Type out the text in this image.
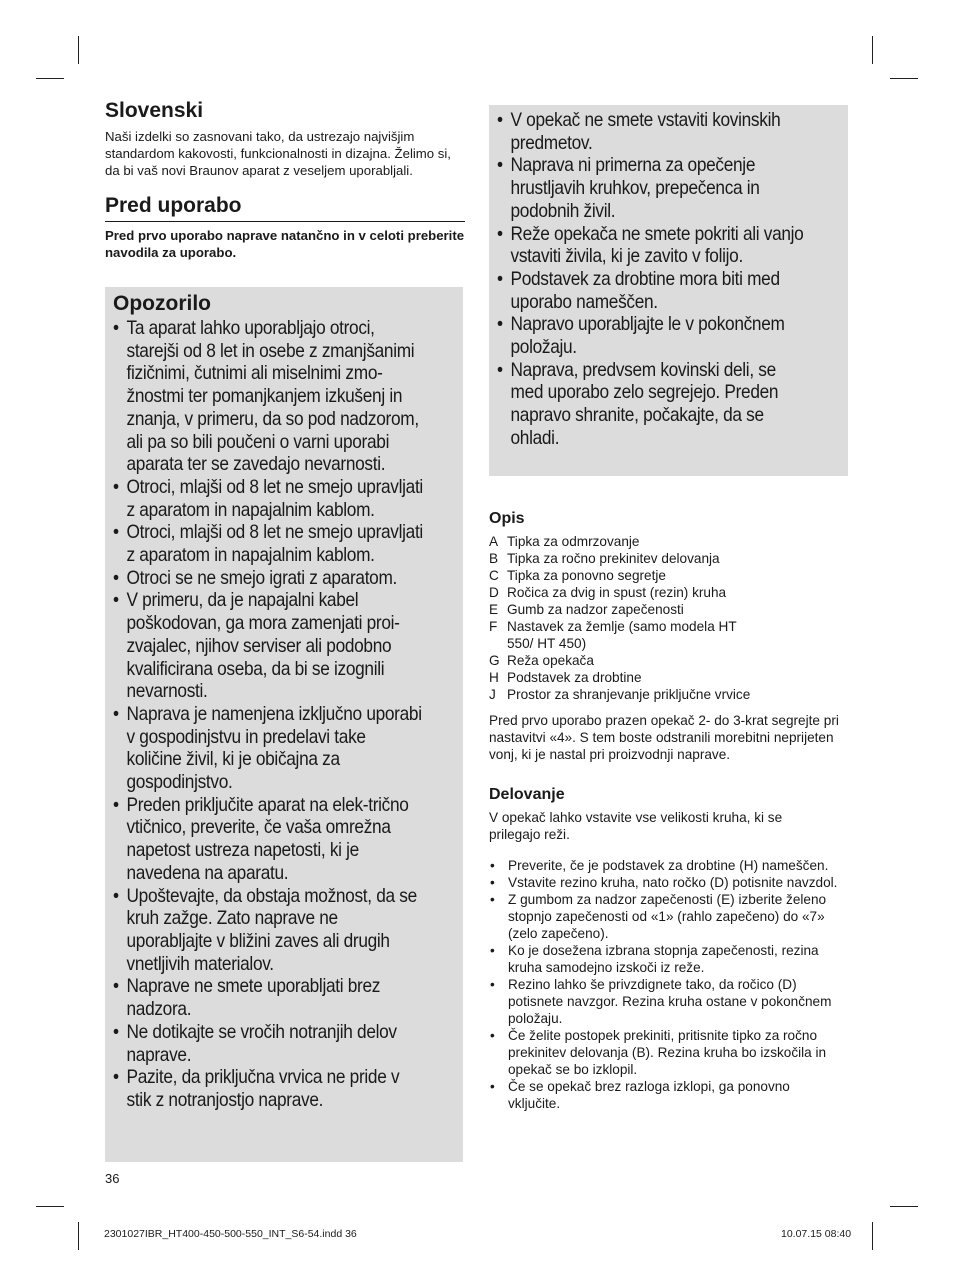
Slovenski

Naši izdelki so zasnovani tako, da ustrezajo najvišjim standardom kakovosti, funkcionalnosti in dizajna. Želimo si, da bi vaš novi Braunov aparat z veseljem uporabljali.

Pred uporabo

Pred prvo uporabo naprave natančno in v celoti preberite navodila za uporabo.

Opozorilo
• Ta aparat lahko uporabljajo otroci, starejši od 8 let in osebe z zmanjšanimi fizičnimi, čutnimi ali miselnimi zmo-žnostmi ter pomanjkanjem izkušenj in znanja, v primeru, da so pod nadzorom, ali pa so bili poučeni o varni uporabi aparata ter se zavedajo nevarnosti.
• Otroci, mlajši od 8 let ne smejo upravljati z aparatom in napajalnim kablom.
• Otroci, mlajši od 8 let ne smejo upravljati z aparatom in napajalnim kablom.
• Otroci se ne smejo igrati z aparatom.
• V primeru, da je napajalni kabel poškodovan, ga mora zamenjati proi-zvajalec, njihov serviser ali podobno kvalificirana oseba, da bi se izognili nevarnosti.
• Naprava je namenjena izključno uporabi v gospodinjstvu in predelavi take količine živil, ki je običajna za gospodinjstvo.
• Preden priključite aparat na elek-trično vtičnico, preverite, če vaša omrežna napetost ustreza napetosti, ki je navedena na aparatu.
• Upoštevajte, da obstaja možnost, da se kruh zažge. Zato naprave ne uporabljajte v bližini zaves ali drugih vnetljivih materialov.
• Naprave ne smete uporabljati brez nadzora.
• Ne dotikajte se vročih notranjih delov naprave.
• Pazite, da priključna vrvica ne pride v stik z notranjostjo naprave.
• V opekač ne smete vstaviti kovinskih predmetov.
• Naprava ni primerna za opečenje hrustljavih kruhkov, prepečenca in podobnih živil.
• Reže opekača ne smete pokriti ali vanjo vstaviti živila, ki je zavito v folijo.
• Podstavek za drobtine mora biti med uporabo nameščen.
• Napravo uporabljajte le v pokončnem položaju.
• Naprava, predvsem kovinski deli, se med uporabo zelo segrejejo. Preden napravo shranite, počakajte, da se ohladi.
Opis
A Tipka za odmrzovanje
B Tipka za ročno prekinitev delovanja
C Tipka za ponovno segretje
D Ročica za dvig in spust (rezin) kruha
E Gumb za nadzor zapečenosti
F Nastavek za žemlje (samo modela HT 550/ HT 450)
G Reža opekača
H Podstavek za drobtine
J Prostor za shranjevanje priključne vrvice

Pred prvo uporabo prazen opekač 2- do 3-krat segrejte pri nastavitvi «4». S tem boste odstranili morebitni neprijeten vonj, ki je nastal pri proizvodnji naprave.

Delovanje

V opekač lahko vstavite vse velikosti kruha, ki se prilegajo reži.

• Preverite, če je podstavek za drobtine (H) nameščen.
• Vstavite rezino kruha, nato ročko (D) potisnite navzdol.
• Z gumbom za nadzor zapečenosti (E) izberite želeno stopnjo zapečenosti od «1» (rahlo zapečeno) do «7» (zelo zapečeno).
• Ko je dosežena izbrana stopnja zapečenosti, rezina kruha samodejno izskoči iz reže.
• Rezino lahko še privzdignete tako, da ročico (D) potisnete navzgor. Rezina kruha ostane v pokončnem položaju.
• Če želite postopek prekiniti, pritisnite tipko za ročno prekinitev delovanja (B). Rezina kruha bo izskočila in opekač se bo izklopil.
• Če se opekač brez razloga izklopi, ga ponovno vključite.
36
2301027IBR_HT400-450-500-550_INT_S6-54.indd 36	10.07.15 08:40
